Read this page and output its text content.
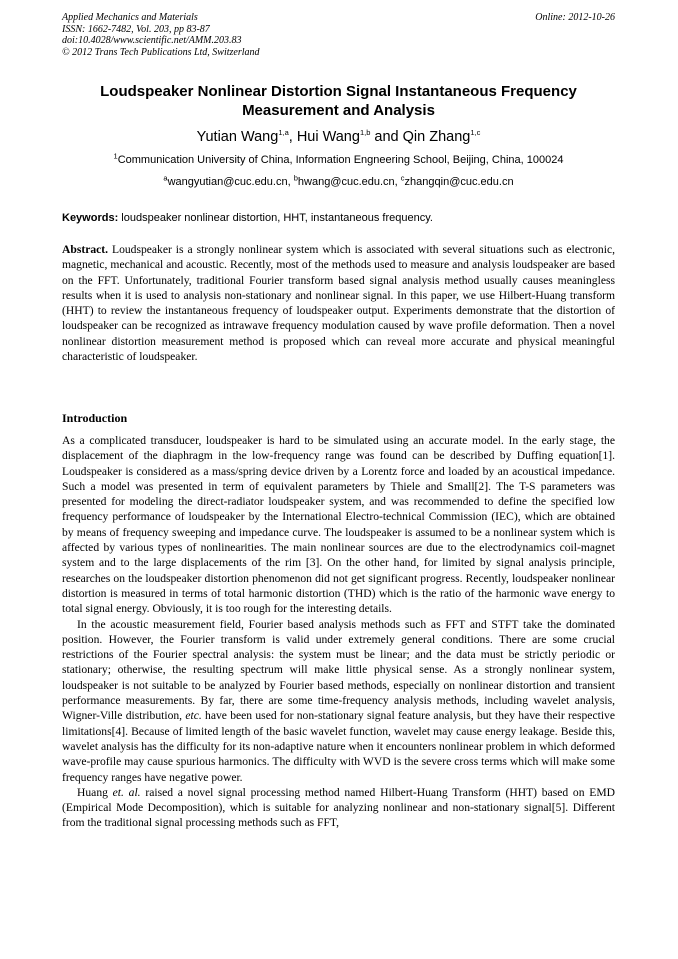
Applied Mechanics and Materials
ISSN: 1662-7482, Vol. 203, pp 83-87
doi:10.4028/www.scientific.net/AMM.203.83
© 2012 Trans Tech Publications Ltd, Switzerland
Online: 2012-10-26
Loudspeaker Nonlinear Distortion Signal Instantaneous Frequency Measurement and Analysis
Yutian Wang$^{1,a}$, Hui Wang$^{1,b}$ and Qin Zhang$^{1,c}$
$^1$Communication University of China, Information Engneering School, Beijing, China, 100024
$^a$wangyutian@cuc.edu.cn, $^b$hwang@cuc.edu.cn, $^c$zhangqin@cuc.edu.cn
Keywords: loudspeaker nonlinear distortion, HHT, instantaneous frequency.

Abstract. Loudspeaker is a strongly nonlinear system which is associated with several situations such as electronic, magnetic, mechanical and acoustic. Recently, most of the methods used to measure and analysis loudspeaker are based on the FFT. Unfortunately, traditional Fourier transform based signal analysis method usually causes meaningless results when it is used to analysis non-stationary and nonlinear signal. In this paper, we use Hilbert-Huang transform (HHT) to review the instantaneous frequency of loudspeaker output. Experiments demonstrate that the distortion of loudspeaker can be recognized as intrawave frequency modulation caused by wave profile deformation. Then a novel nonlinear distortion measurement method is proposed which can reveal more accurate and physical meaningful characteristic of loudspeaker.

Introduction

As a complicated transducer, loudspeaker is hard to be simulated using an accurate model. In the early stage, the displacement of the diaphragm in the low-frequency range was found can be described by Duffing equation[1]. Loudspeaker is considered as a mass/spring device driven by a Lorentz force and loaded by an acoustical impedance. Such a model was presented in term of equivalent parameters by Thiele and Small[2]. The T-S parameters was presented for modeling the direct-radiator loudspeaker system, and was recommended to define the specified low frequency performance of loudspeaker by the International Electro-technical Commission (IEC), which are obtained by means of frequency sweeping and impedance curve. The loudspeaker is assumed to be a nonlinear system which is affected by various types of nonlinearities. The main nonlinear sources are due to the electrodynamics coil-magnet system and to the large displacements of the rim [3]. On the other hand, for limited by signal analysis principle, researches on the loudspeaker distortion phenomenon did not get significant progress. Recently, loudspeaker nonlinear distortion is measured in terms of total harmonic distortion (THD) which is the ratio of the harmonic wave energy to total signal energy. Obviously, it is too rough for the interesting details.

In the acoustic measurement field, Fourier based analysis methods such as FFT and STFT take the dominated position. However, the Fourier transform is valid under extremely general conditions. There are some crucial restrictions of the Fourier spectral analysis: the system must be linear; and the data must be strictly periodic or stationary; otherwise, the resulting spectrum will make little physical sense. As a strongly nonlinear system, loudspeaker is not suitable to be analyzed by Fourier based methods, especially on nonlinear distortion and transient performance measurements. By far, there are some time-frequency analysis methods, including wavelet analysis, Wigner-Ville distribution, etc. have been used for non-stationary signal feature analysis, but they have their respective limitations[4]. Because of limited length of the basic wavelet function, wavelet may cause energy leakage. Beside this, wavelet analysis has the difficulty for its non-adaptive nature when it encounters nonlinear problem in which deformed wave-profile may cause spurious harmonics. The difficulty with WVD is the severe cross terms which will make some frequency ranges have negative power.

Huang et. al. raised a novel signal processing method named Hilbert-Huang Transform (HHT) based on EMD (Empirical Mode Decomposition), which is suitable for analyzing nonlinear and non-stationary signal[5]. Different from the traditional signal processing methods such as FFT,
